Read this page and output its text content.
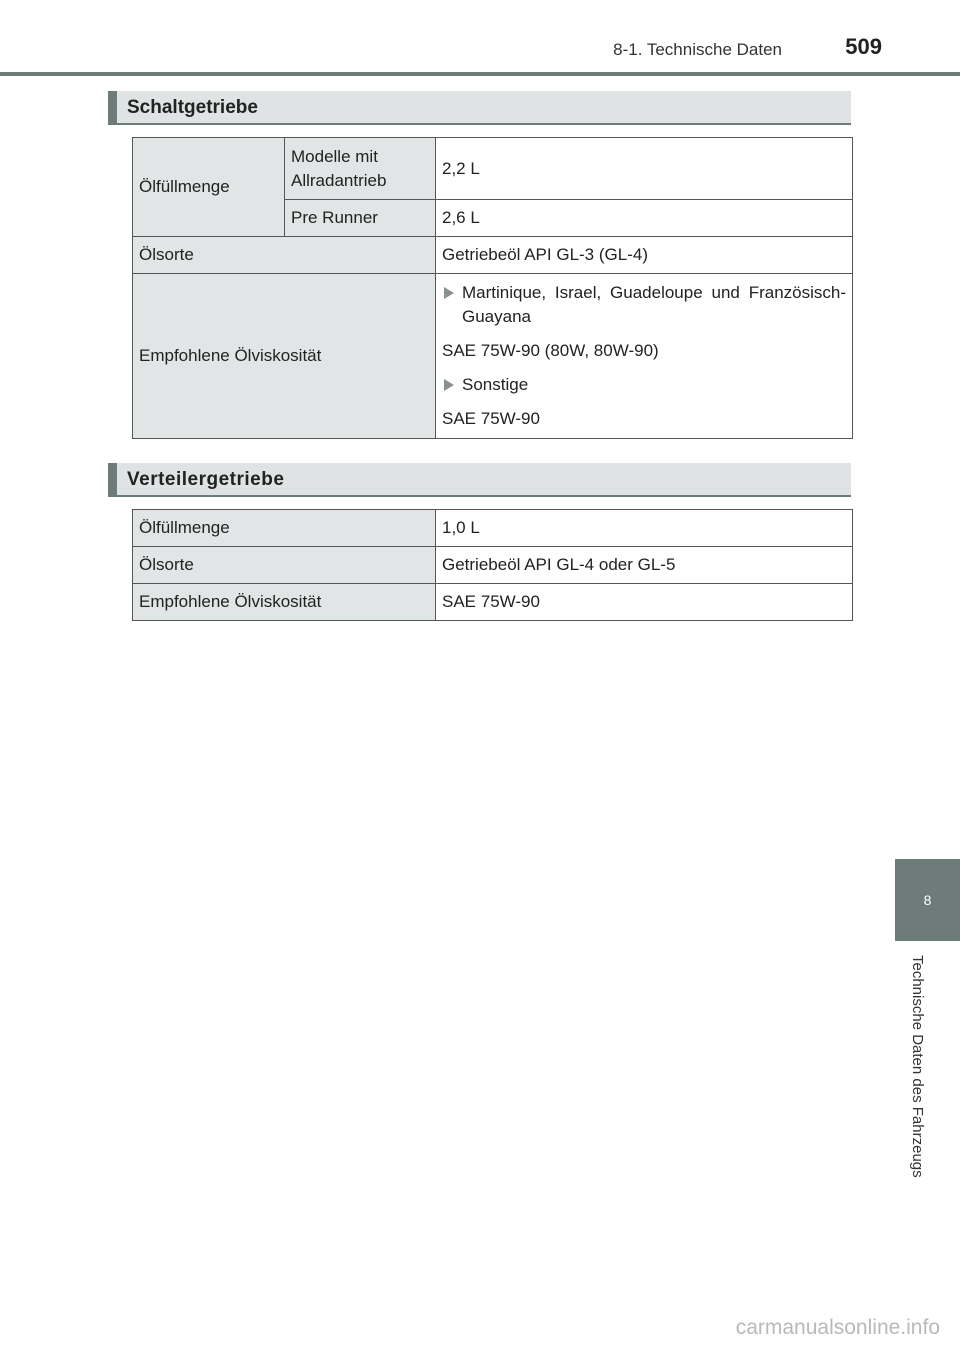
8-1. Technische Daten	509
Schaltgetriebe
Ölfüllmenge	Modelle mit Allradantrieb	2,2 L
	Pre Runner	2,6 L
Ölsorte		Getriebeöl API GL-3 (GL-4)
Empfohlene Ölviskosität		Martinique, Israel, Guadeloupe und Französisch-Guayana
SAE 75W-90 (80W, 80W-90)
Sonstige
SAE 75W-90
Verteilergetriebe
Ölfüllmenge	1,0 L
Ölsorte	Getriebeöl API GL-4 oder GL-5
Empfohlene Ölviskosität	SAE 75W-90
8
Technische Daten des Fahrzeugs
carmanualsonline.info
